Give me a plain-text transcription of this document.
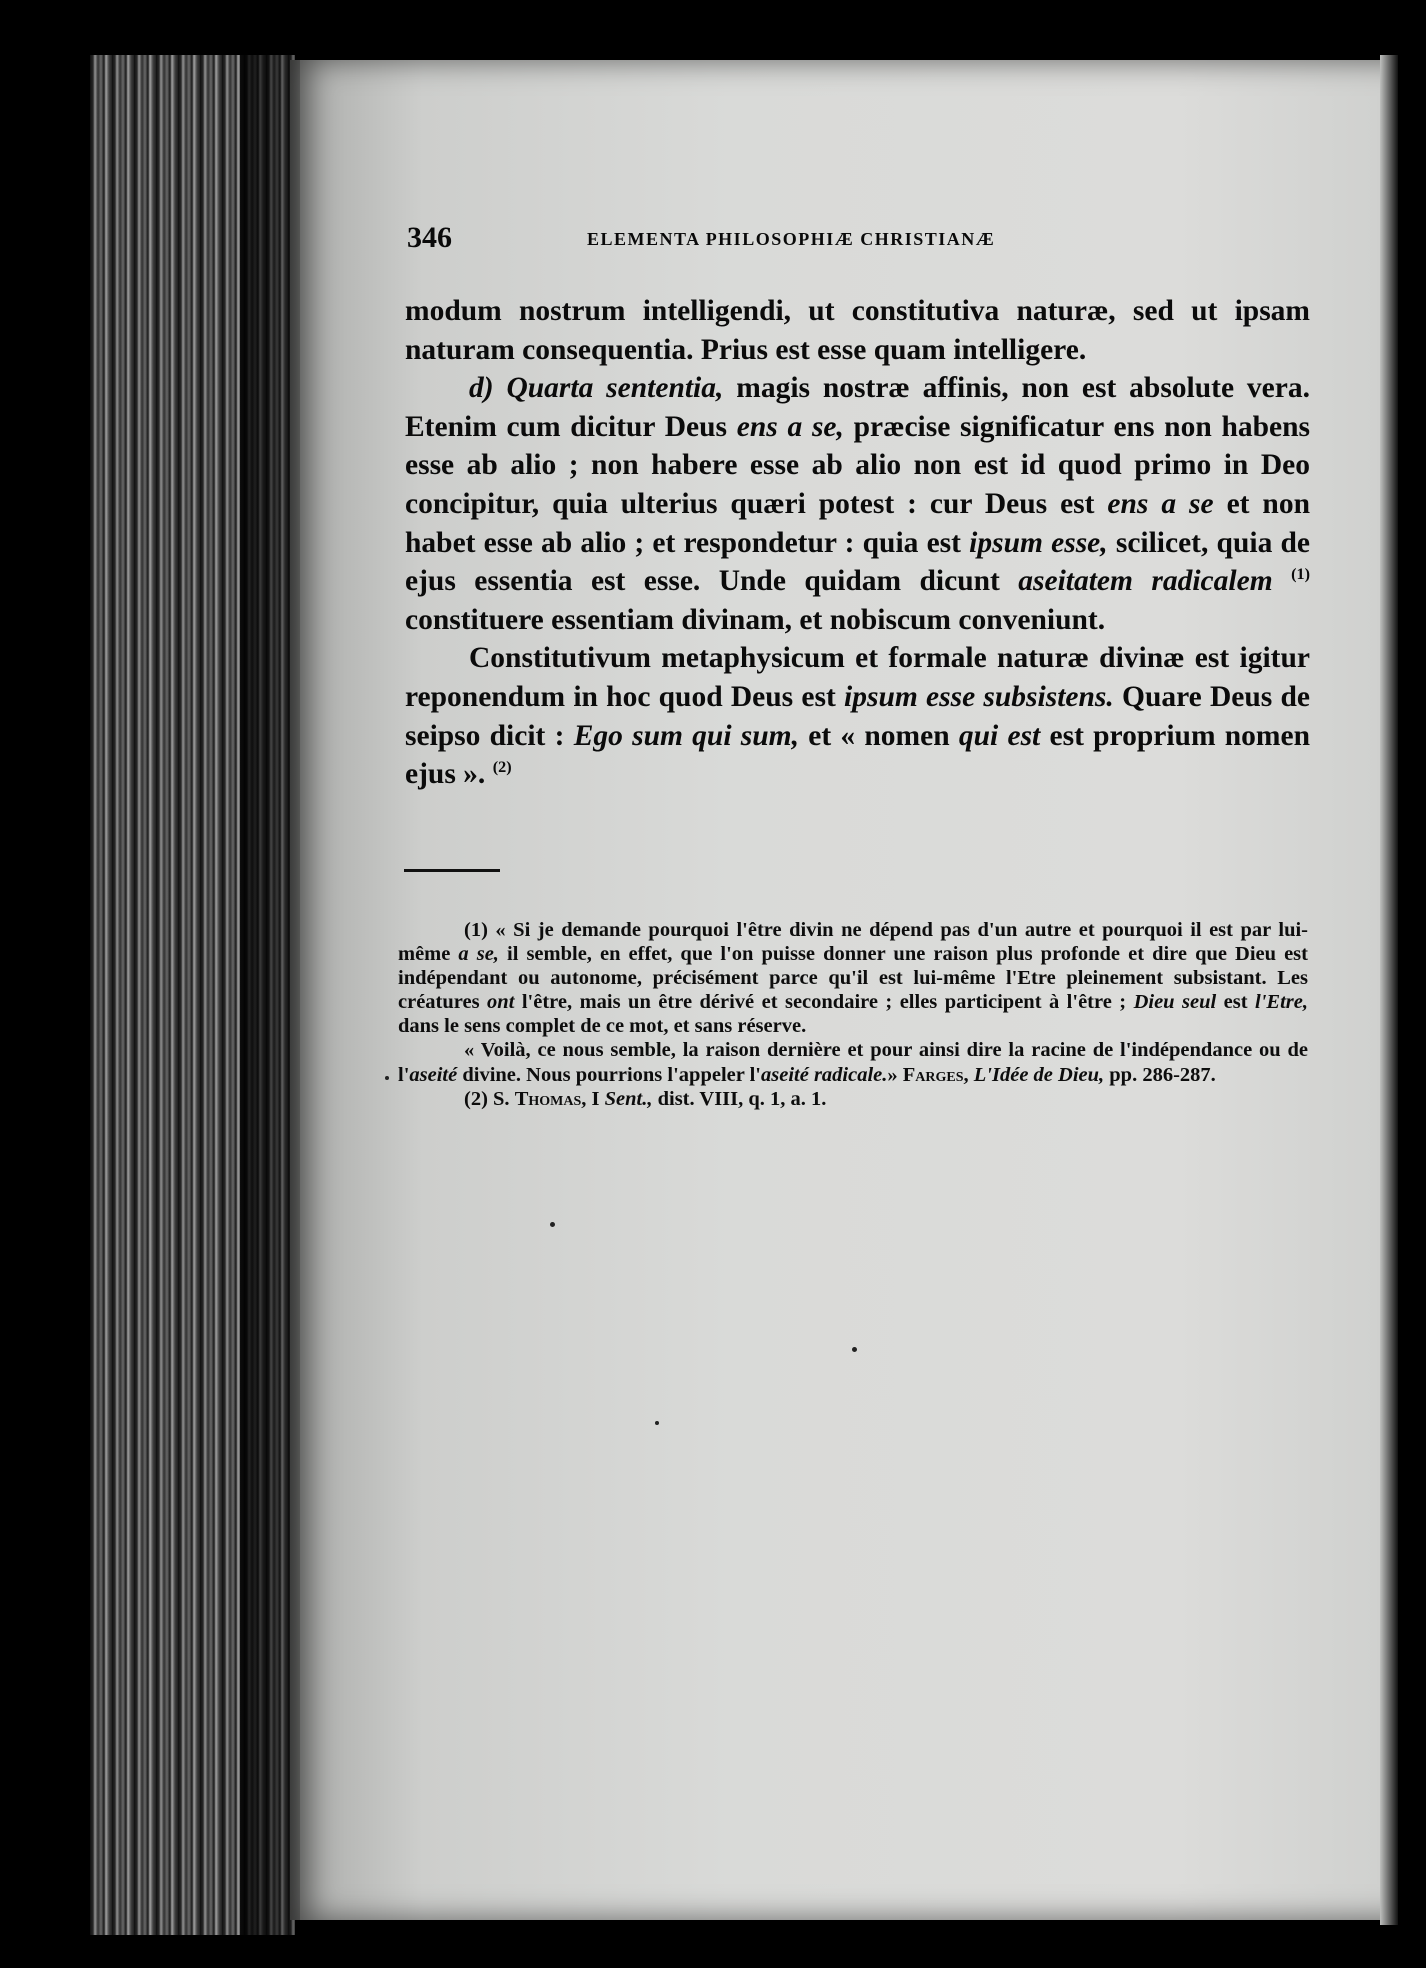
346	ELEMENTA PHILOSOPHIÆ CHRISTIANÆ

modum nostrum intelligendi, ut constitutiva naturæ, sed ut ipsam naturam consequentia. Prius est esse quam intelligere.

d) Quarta sententia, magis nostræ affinis, non est absolute vera. Etenim cum dicitur Deus ens a se, præcise significatur ens non habens esse ab alio ; non habere esse ab alio non est id quod primo in Deo concipitur, quia ulterius quæri potest : cur Deus est ens a se et non habet esse ab alio ; et respondetur : quia est ipsum esse, scilicet, quia de ejus essentia est esse. Unde quidam dicunt aseitatem radicalem $^{(1)}$ constituere essentiam divinam, et nobiscum conveniunt.

Constitutivum metaphysicum et formale naturæ divinæ est igitur reponendum in hoc quod Deus est ipsum esse subsistens. Quare Deus de seipso dicit : Ego sum qui sum, et « nomen qui est est proprium nomen ejus ». $^{(2)}$

(1) « Si je demande pourquoi l'être divin ne dépend pas d'un autre et pourquoi il est par lui-même a se, il semble, en effet, que l'on puisse donner une raison plus profonde et dire que Dieu est indépendant ou autonome, précisément parce qu'il est lui-même l'Etre pleinement subsistant. Les créatures ont l'être, mais un être dérivé et secondaire ; elles participent à l'être ; Dieu seul est l'Etre, dans le sens complet de ce mot, et sans réserve.

« Voilà, ce nous semble, la raison dernière et pour ainsi dire la racine de l'indépendance ou de l'aseité divine. Nous pourrions l'appeler l'aseité radicale.» Farges, L'Idée de Dieu, pp. 286-287.

(2) S. Thomas, I Sent., dist. VIII, q. 1, a. 1.
